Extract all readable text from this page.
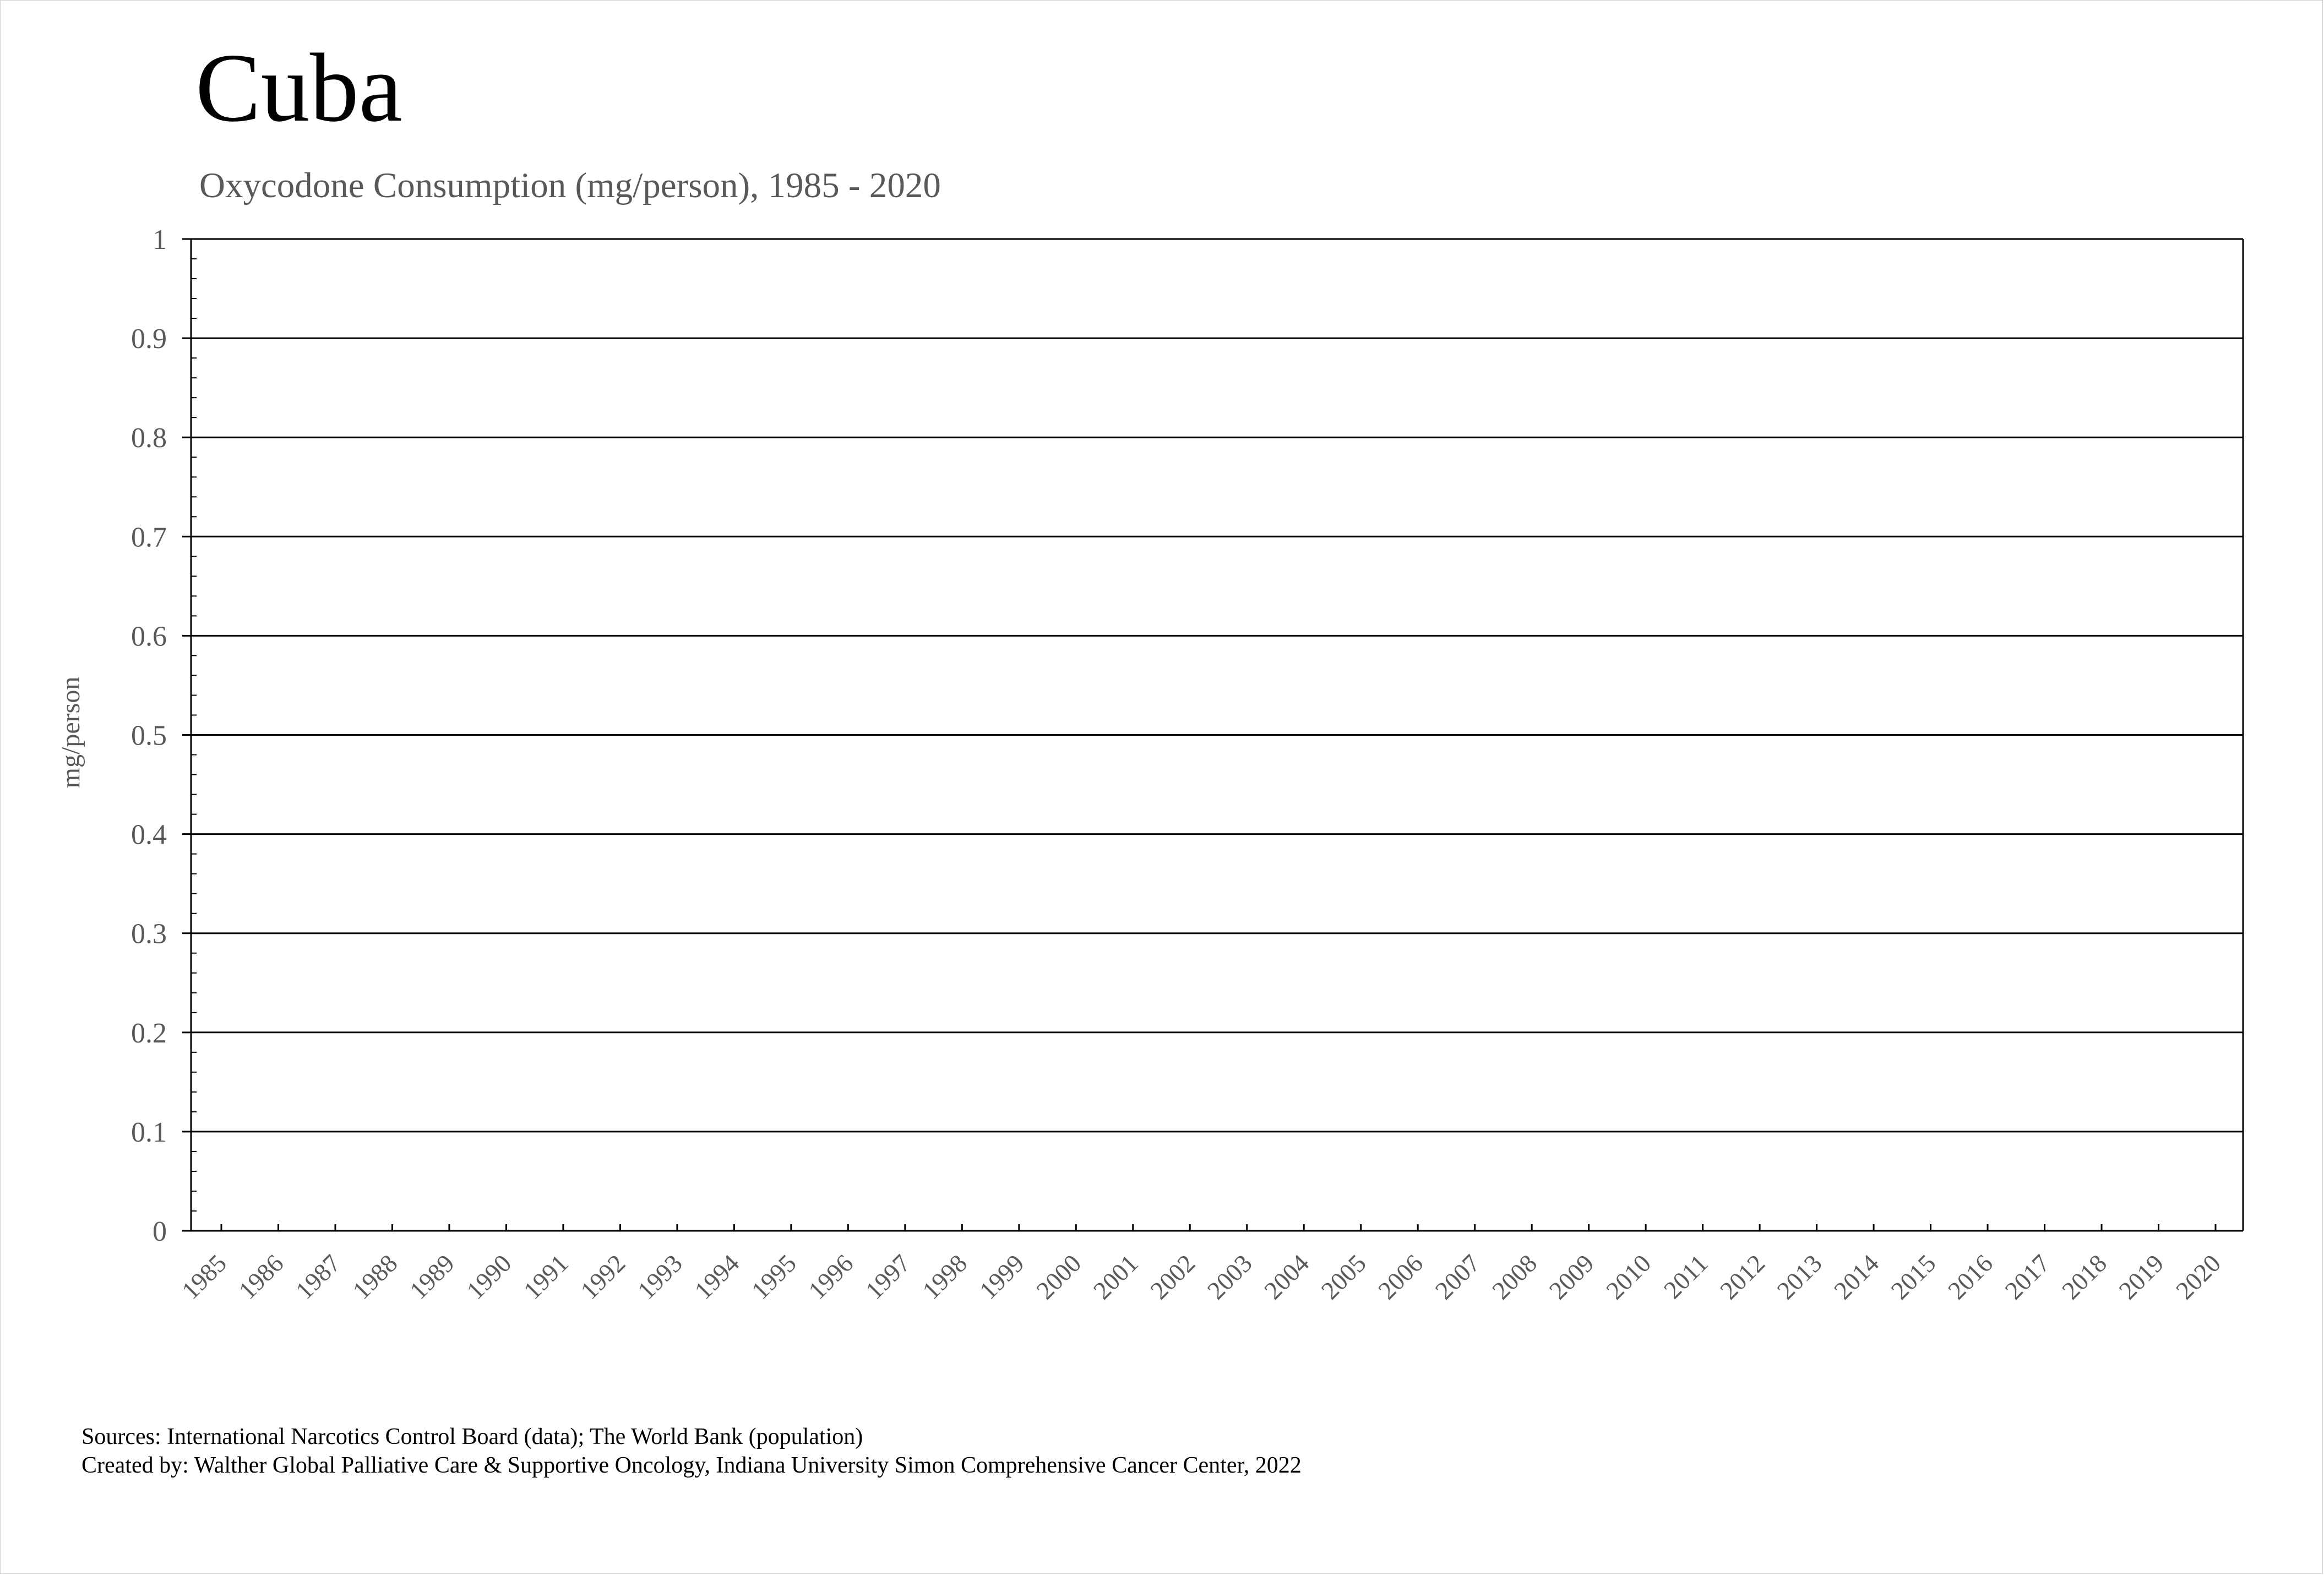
Cuba
Oxycodone Consumption (mg/person), 1985 - 2020
0
0.1
0.2
0.3
0.4
0.5
0.6
0.7
0.8
0.9
1
1985 1986 1987 1988 1989 1990 1991 1992 1993 1994 1995 1996 1997 1998 1999 2000 2001 2002 2003 2004 2005 2006 2007 2008 2009 2010 2011 2012 2013 2014 2015 2016 2017 2018 2019 2020
mg/person
Sources: International Narcotics Control Board (data); The World Bank (population)
Created by: Walther Global Palliative Care & Supportive Oncology, Indiana University Simon Comprehensive Cancer Center, 2022
